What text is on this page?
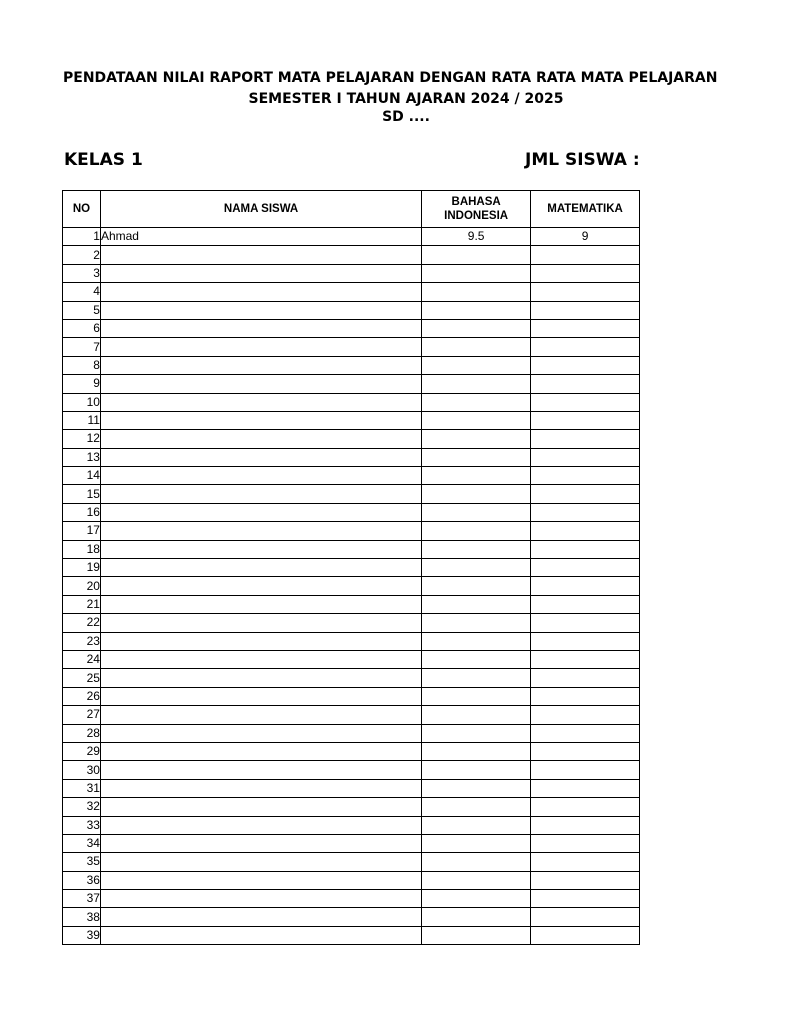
PENDATAAN NILAI RAPORT MATA PELAJARAN DENGAN RATA RATA MATA PELAJARAN
SEMESTER I TAHUN AJARAN 2024 / 2025
SD ....
KELAS 1	JML SISWA :
NO	NAMA SISWA	BAHASA INDONESIA	MATEMATIKA
1	Ahmad	9.5	9
2			
3			
4			
5			
6			
7			
8			
9			
10			
11			
12			
13			
14			
15			
16			
17			
18			
19			
20			
21			
22			
23			
24			
25			
26			
27			
28			
29			
30			
31			
32			
33			
34			
35			
36			
37			
38			
39			
